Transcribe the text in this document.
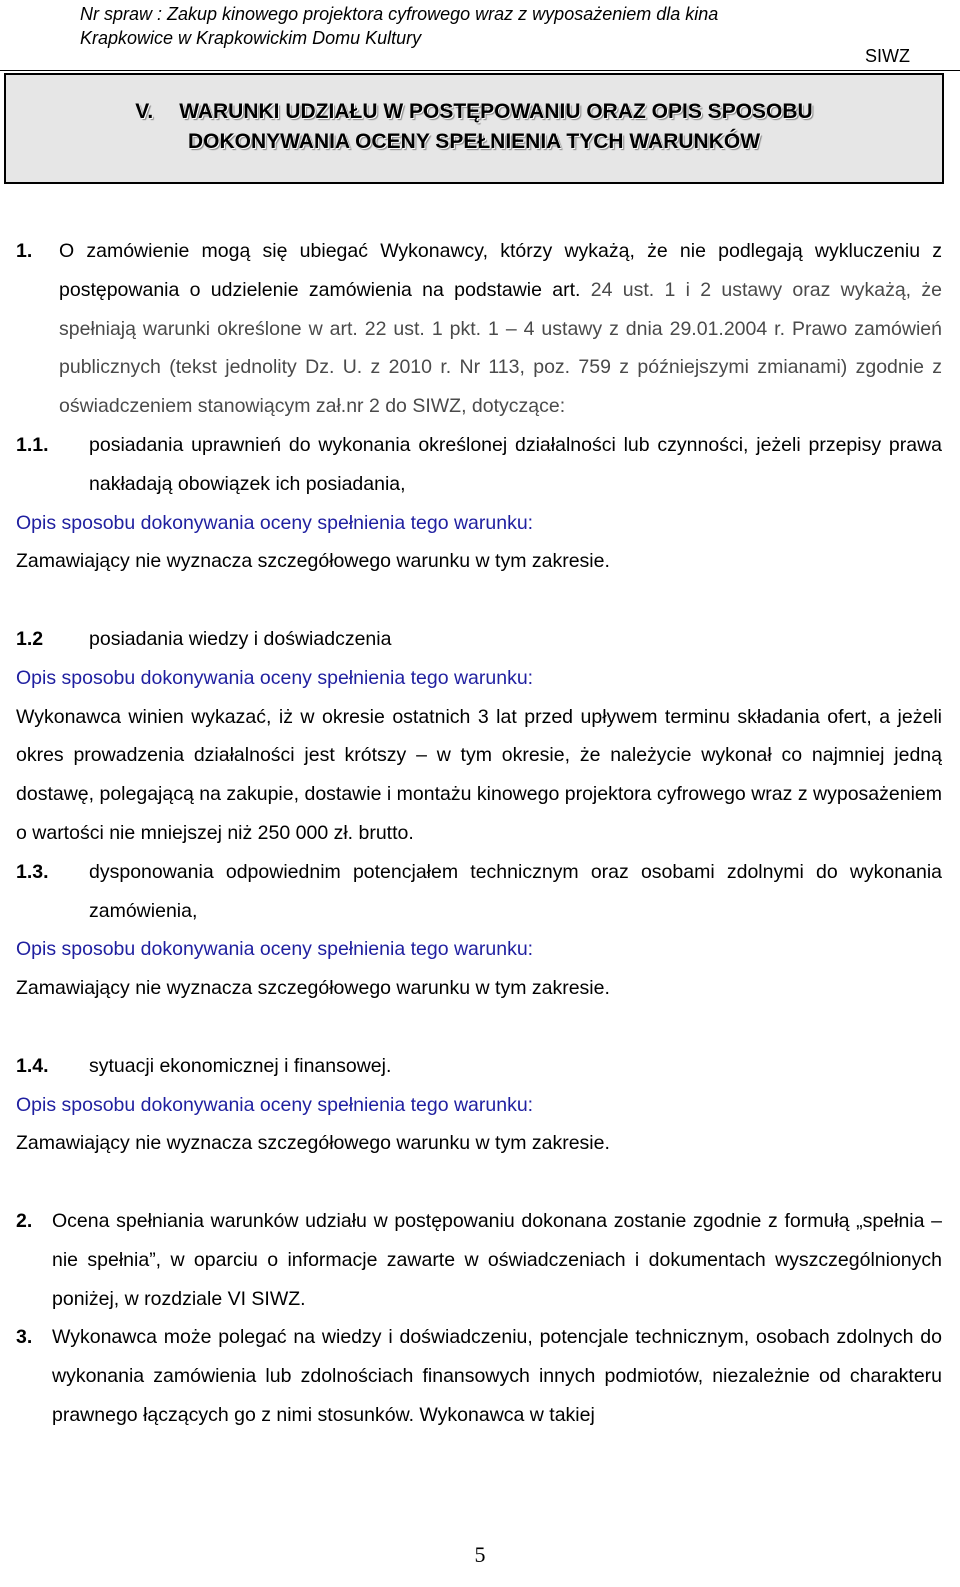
Nr spraw : Zakup kinowego projektora cyfrowego wraz z wyposażeniem dla kina
Krapkowice w Krapkowickim Domu Kultury
SIWZ
V. WARUNKI UDZIAŁU W POSTĘPOWANIU ORAZ OPIS SPOSOBU
DOKONYWANIA OCENY SPEŁNIENIA TYCH WARUNKÓW
1. O zamówienie mogą się ubiegać Wykonawcy, którzy wykażą, że nie podlegają wykluczeniu z postępowania o udzielenie zamówienia na podstawie art. 24 ust. 1 i 2 ustawy oraz wykażą, że spełniają warunki określone w art. 22 ust. 1 pkt. 1 – 4 ustawy z dnia 29.01.2004 r. Prawo zamówień publicznych (tekst jednolity Dz. U. z 2010 r. Nr 113, poz. 759 z późniejszymi zmianami) zgodnie z oświadczeniem stanowiącym zał.nr 2 do SIWZ, dotyczące:
1.1. posiadania uprawnień do wykonania określonej działalności lub czynności, jeżeli przepisy prawa nakładają obowiązek ich posiadania,
Opis sposobu dokonywania oceny spełnienia tego warunku:
Zamawiający nie wyznacza szczegółowego warunku w tym zakresie.
1.2 posiadania wiedzy i doświadczenia
Opis sposobu dokonywania oceny spełnienia tego warunku:
Wykonawca winien wykazać, iż w okresie ostatnich 3 lat przed upływem terminu składania ofert, a jeżeli okres prowadzenia działalności jest krótszy – w tym okresie, że należycie wykonał co najmniej jedną dostawę, polegającą na zakupie, dostawie i montażu kinowego projektora cyfrowego wraz z wyposażeniem o wartości nie mniejszej niż 250 000 zł. brutto.
1.3. dysponowania odpowiednim potencjałem technicznym oraz osobami zdolnymi do wykonania zamówienia,
Opis sposobu dokonywania oceny spełnienia tego warunku:
Zamawiający nie wyznacza szczegółowego warunku w tym zakresie.
1.4. sytuacji ekonomicznej i finansowej.
Opis sposobu dokonywania oceny spełnienia tego warunku:
Zamawiający nie wyznacza szczegółowego warunku w tym zakresie.
2. Ocena spełniania warunków udziału w postępowaniu dokonana zostanie zgodnie z formułą „spełnia – nie spełnia”, w oparciu o informacje zawarte w oświadczeniach i dokumentach wyszczególnionych poniżej, w rozdziale VI SIWZ.
3. Wykonawca może polegać na wiedzy i doświadczeniu, potencjale technicznym, osobach zdolnych do wykonania zamówienia lub zdolnościach finansowych innych podmiotów, niezależnie od charakteru prawnego łączących go z nimi stosunków. Wykonawca w takiej
5
